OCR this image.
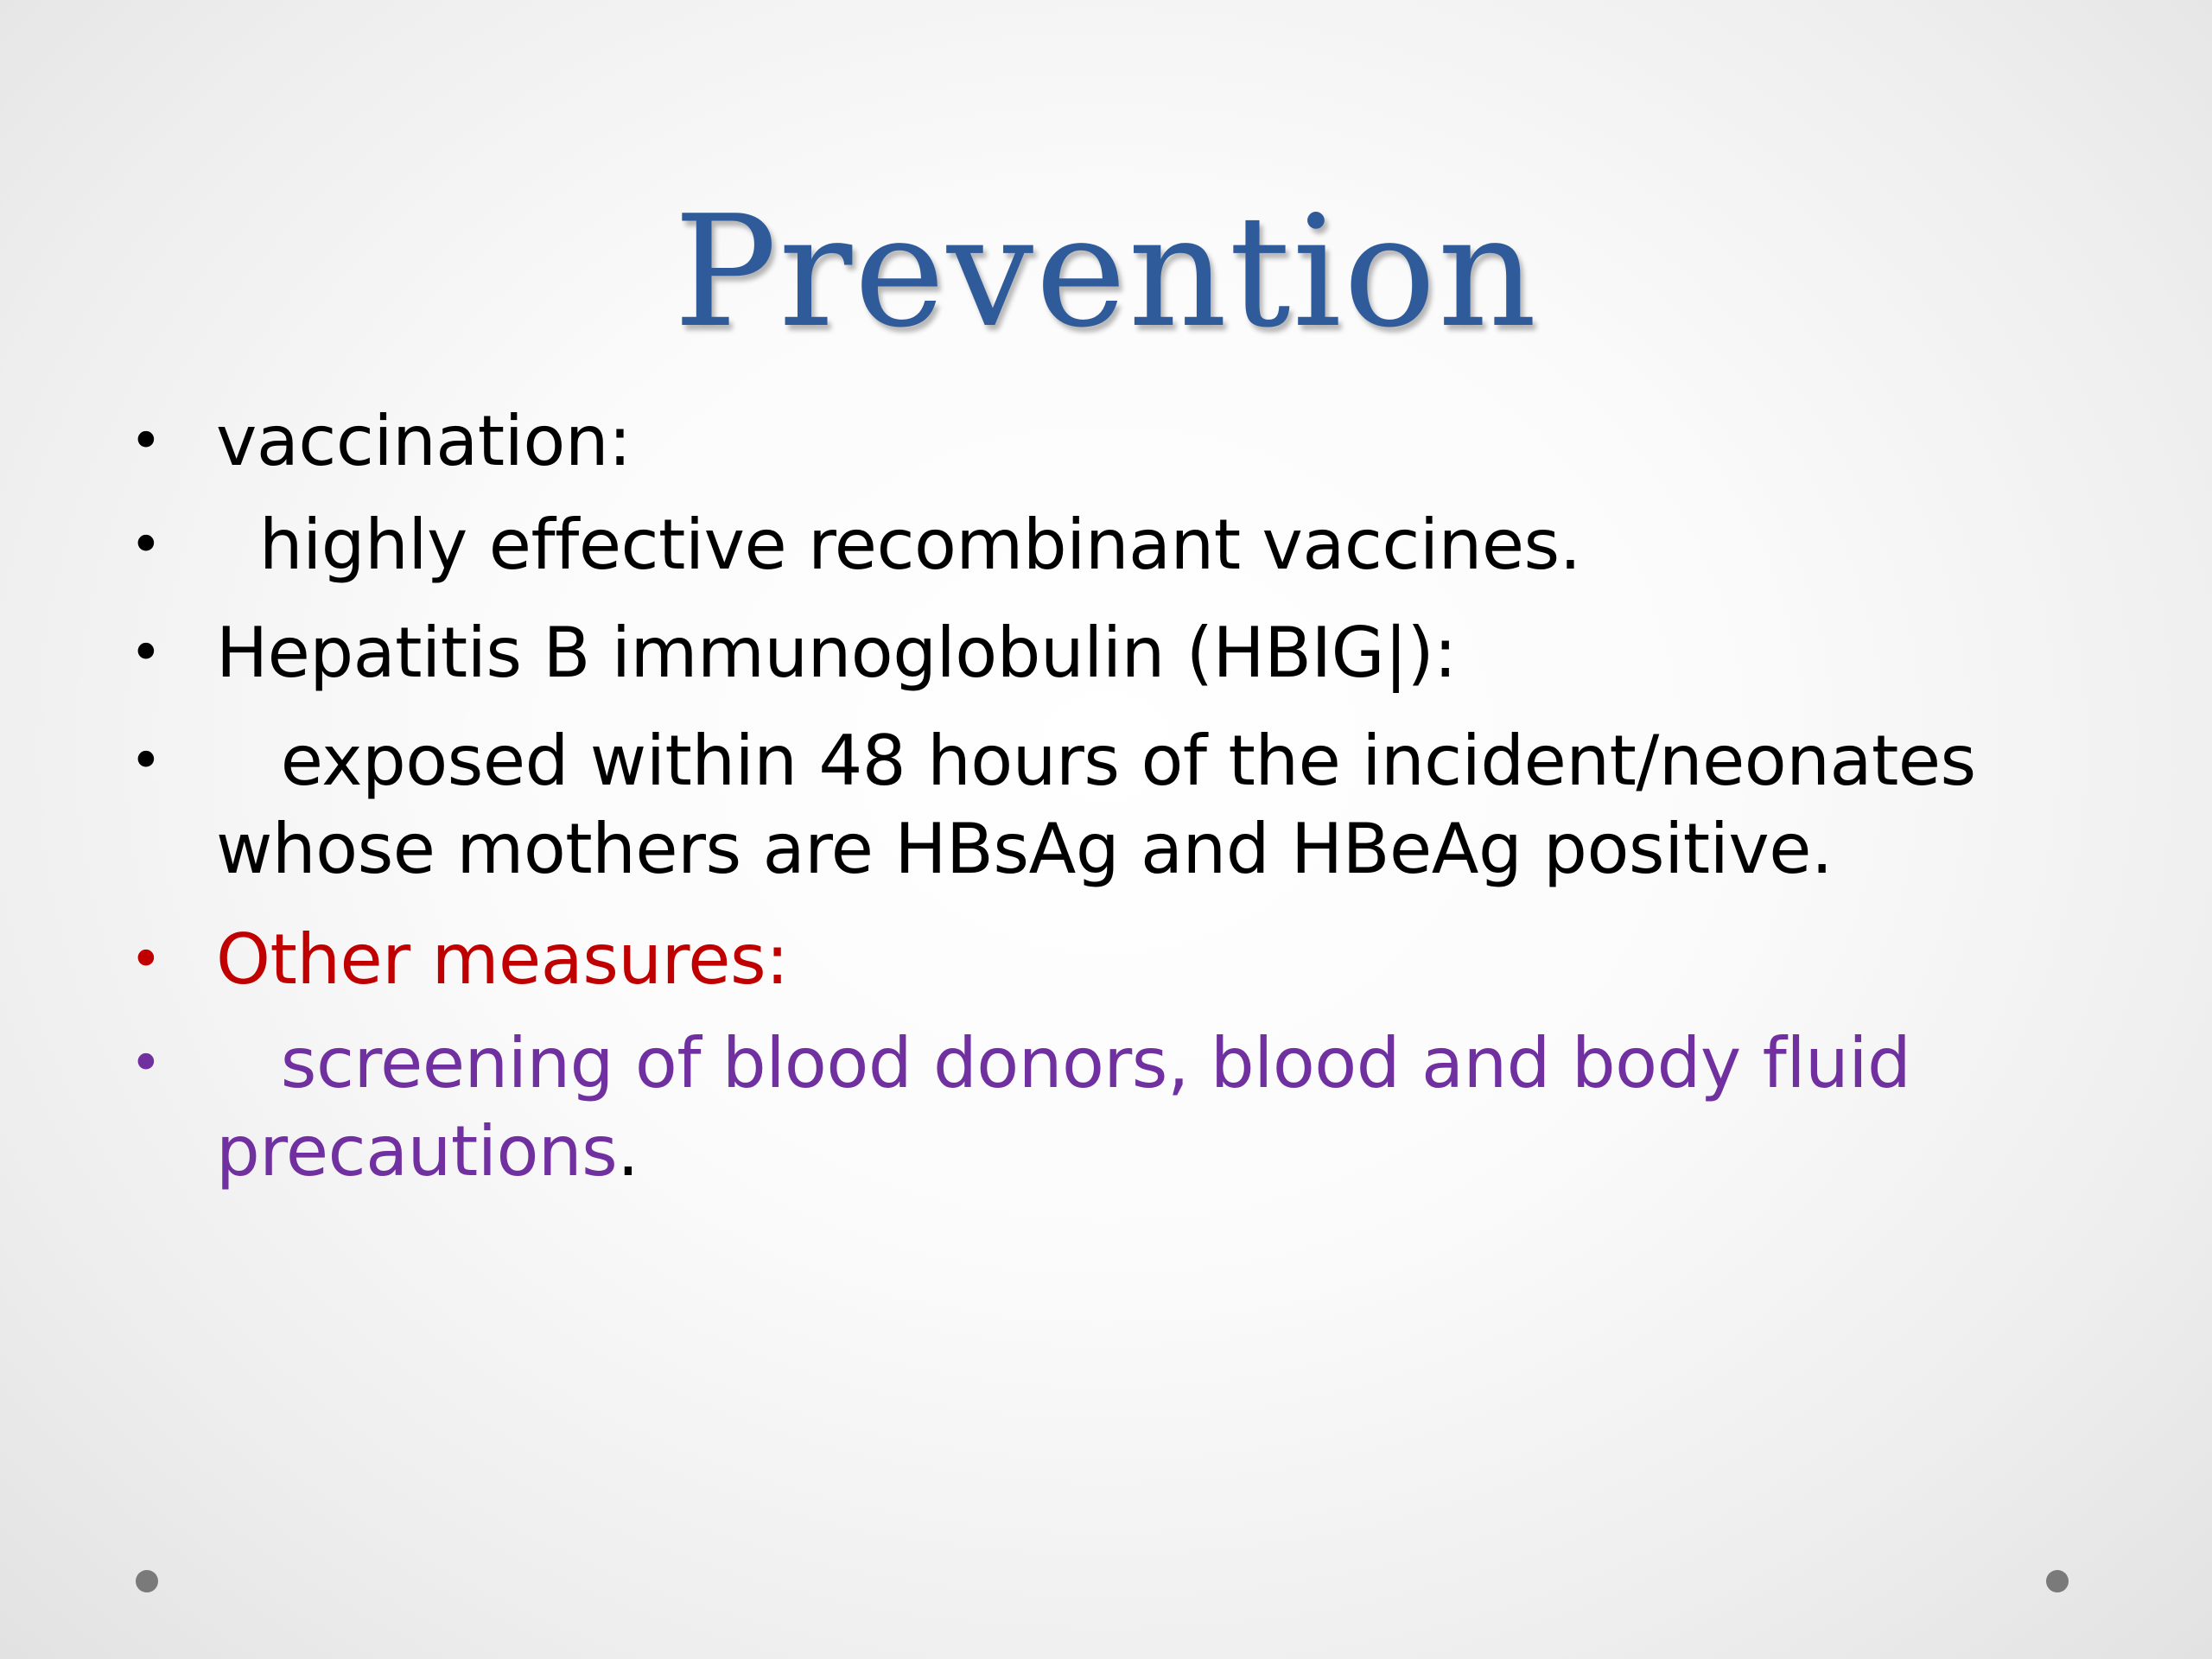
Prevention
• vaccination:
• highly effective recombinant vaccines.
• Hepatitis B immunoglobulin (HBIG|):
• exposed within 48 hours of the incident/neonates whose mothers are HBsAg and HBeAg positive.
• Other measures:
• screening of blood donors, blood and body fluid precautions.
